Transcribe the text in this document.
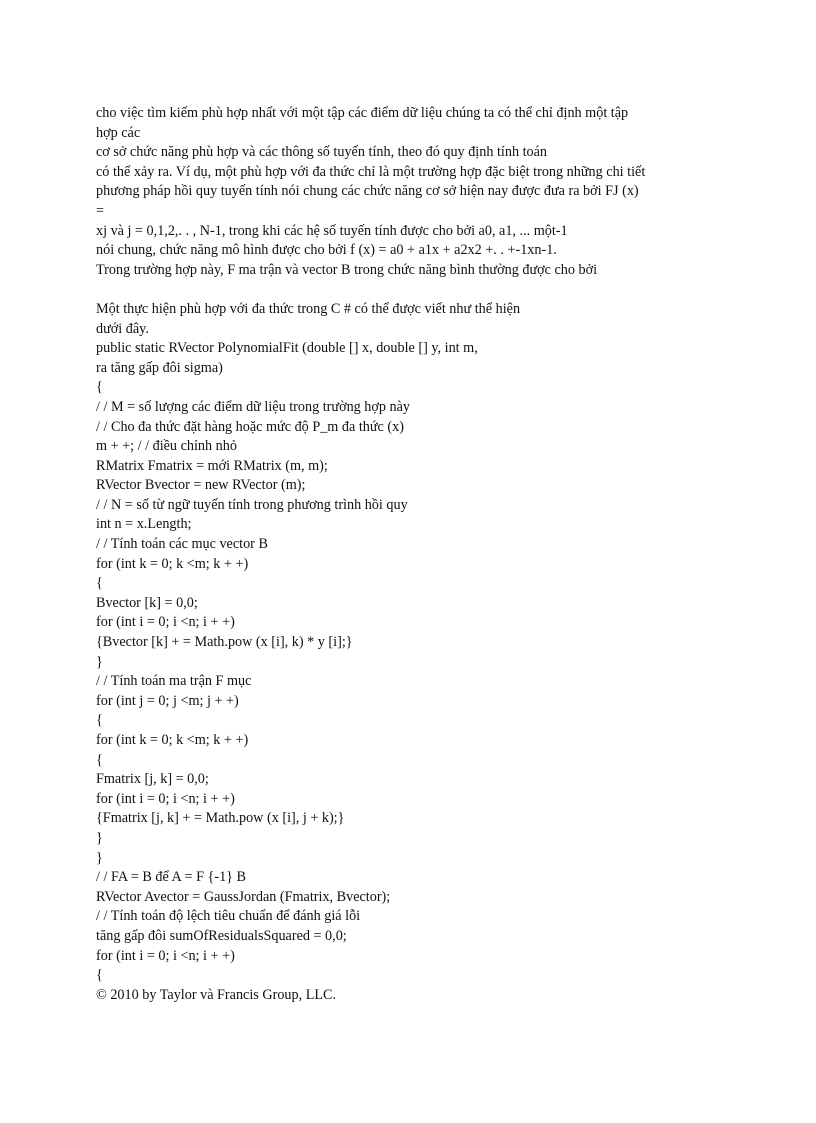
cho việc tìm kiếm phù hợp nhất với một tập các điểm dữ liệu chúng ta có thể chỉ định một tập
hợp các
cơ sở chức năng phù hợp và các thông số tuyến tính, theo đó quy định tính toán
có thể xảy ra. Ví dụ, một phù hợp với đa thức chỉ là một trường hợp đặc biệt trong những chi tiết
phương pháp hồi quy tuyến tính nói chung các chức năng cơ sở hiện nay được đưa ra bởi FJ (x)
=
xj và j = 0,1,2,. . , N-1, trong khi các hệ số tuyến tính được cho bởi a0, a1, ... một-1
nói chung, chức năng mô hình được cho bởi f (x) = a0 + a1x + a2x2 +. . +-1xn-1.
Trong trường hợp này, F ma trận và vector B trong chức năng bình thường được cho bởi
Một thực hiện phù hợp với đa thức trong C # có thể được viết như thể hiện
dưới đây.
public static RVector PolynomialFit (double [] x, double [] y, int m,
ra tăng gấp đôi sigma)
{
/ / M = số lượng các điểm dữ liệu trong trường hợp này
/ / Cho đa thức đặt hàng hoặc mức độ P_m đa thức (x)
m + +; / / điều chỉnh nhỏ
RMatrix Fmatrix = mới RMatrix (m, m);
RVector Bvector = new RVector (m);
/ / N = số từ ngữ tuyến tính trong phương trình hồi quy
int n = x.Length;
/ / Tính toán các mục vector B
for (int k = 0; k <m; k + +)
{
Bvector [k] = 0,0;
for (int i = 0; i <n; i + +)
{Bvector [k] + = Math.pow (x [i], k) * y [i];}
}
/ / Tính toán ma trận F mục
for (int j = 0; j <m; j + +)
{
for (int k = 0; k <m; k + +)
{
Fmatrix [j, k] = 0,0;
for (int i = 0; i <n; i + +)
{Fmatrix [j, k] + = Math.pow (x [i], j + k);}
}
}
/ / FA = B để A = F {-1} B
RVector Avector = GaussJordan (Fmatrix, Bvector);
/ / Tính toán độ lệch tiêu chuẩn để đánh giá lỗi
tăng gấp đôi sumOfResidualsSquared = 0,0;
for (int i = 0; i <n; i + +)
{
© 2010 by Taylor và Francis Group, LLC.
